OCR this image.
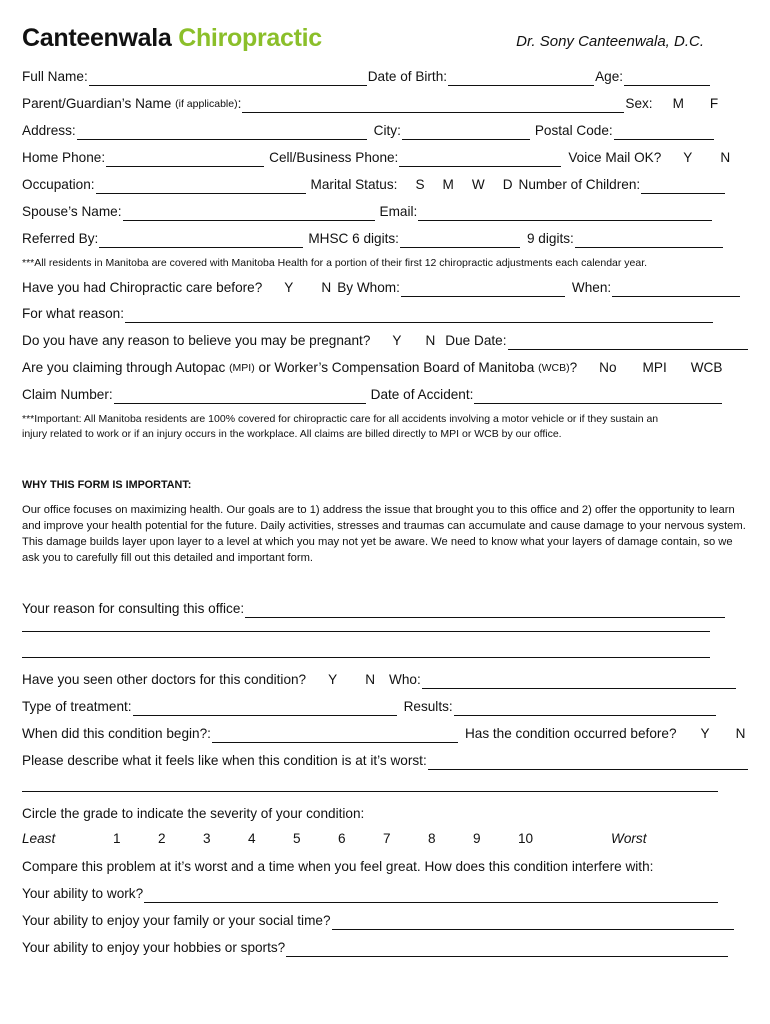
Canteenwala Chiropractic	Dr. Sony Canteenwala, D.C.
Full Name:	Date of Birth:	Age:
Parent/Guardian’s Name (if applicable):	Sex: M F
Address:	City:	Postal Code:
Home Phone:	Cell/Business Phone:	Voice Mail OK? Y N
Occupation:	Marital Status: S M W D Number of Children:
Spouse’s Name:	Email:
Referred By:	MHSC 6 digits:	9 digits:
***All residents in Manitoba are covered with Manitoba Health for a portion of their first 12 chiropractic adjustments each calendar year.
Have you had Chiropractic care before? Y N By Whom:	When:
For what reason:
Do you have any reason to believe you may be pregnant? Y N Due Date:
Are you claiming through Autopac (MPI) or Worker’s Compensation Board of Manitoba (WCB)? No MPI WCB
Claim Number:	Date of Accident:
***Important: All Manitoba residents are 100% covered for chiropractic care for all accidents involving a motor vehicle or if they sustain an injury related to work or if an injury occurs in the workplace. All claims are billed directly to MPI or WCB by our office.
WHY THIS FORM IS IMPORTANT:
Our office focuses on maximizing health. Our goals are to 1) address the issue that brought you to this office and 2) offer the opportunity to learn and improve your health potential for the future. Daily activities, stresses and traumas can accumulate and cause damage to your nervous system. This damage builds layer upon layer to a level at which you may not yet be aware. We need to know what your layers of damage contain, so we ask you to carefully fill out this detailed and important form.
Your reason for consulting this office:
Have you seen other doctors for this condition? Y N Who:
Type of treatment:	Results:
When did this condition begin?:	Has the condition occurred before? Y N
Please describe what it feels like when this condition is at it’s worst:
Circle the grade to indicate the severity of your condition:
Least	1	2	3	4	5	6	7	8	9	10	Worst
Compare this problem at it’s worst and a time when you feel great. How does this condition interfere with:
Your ability to work?
Your ability to enjoy your family or your social time?
Your ability to enjoy your hobbies or sports?
